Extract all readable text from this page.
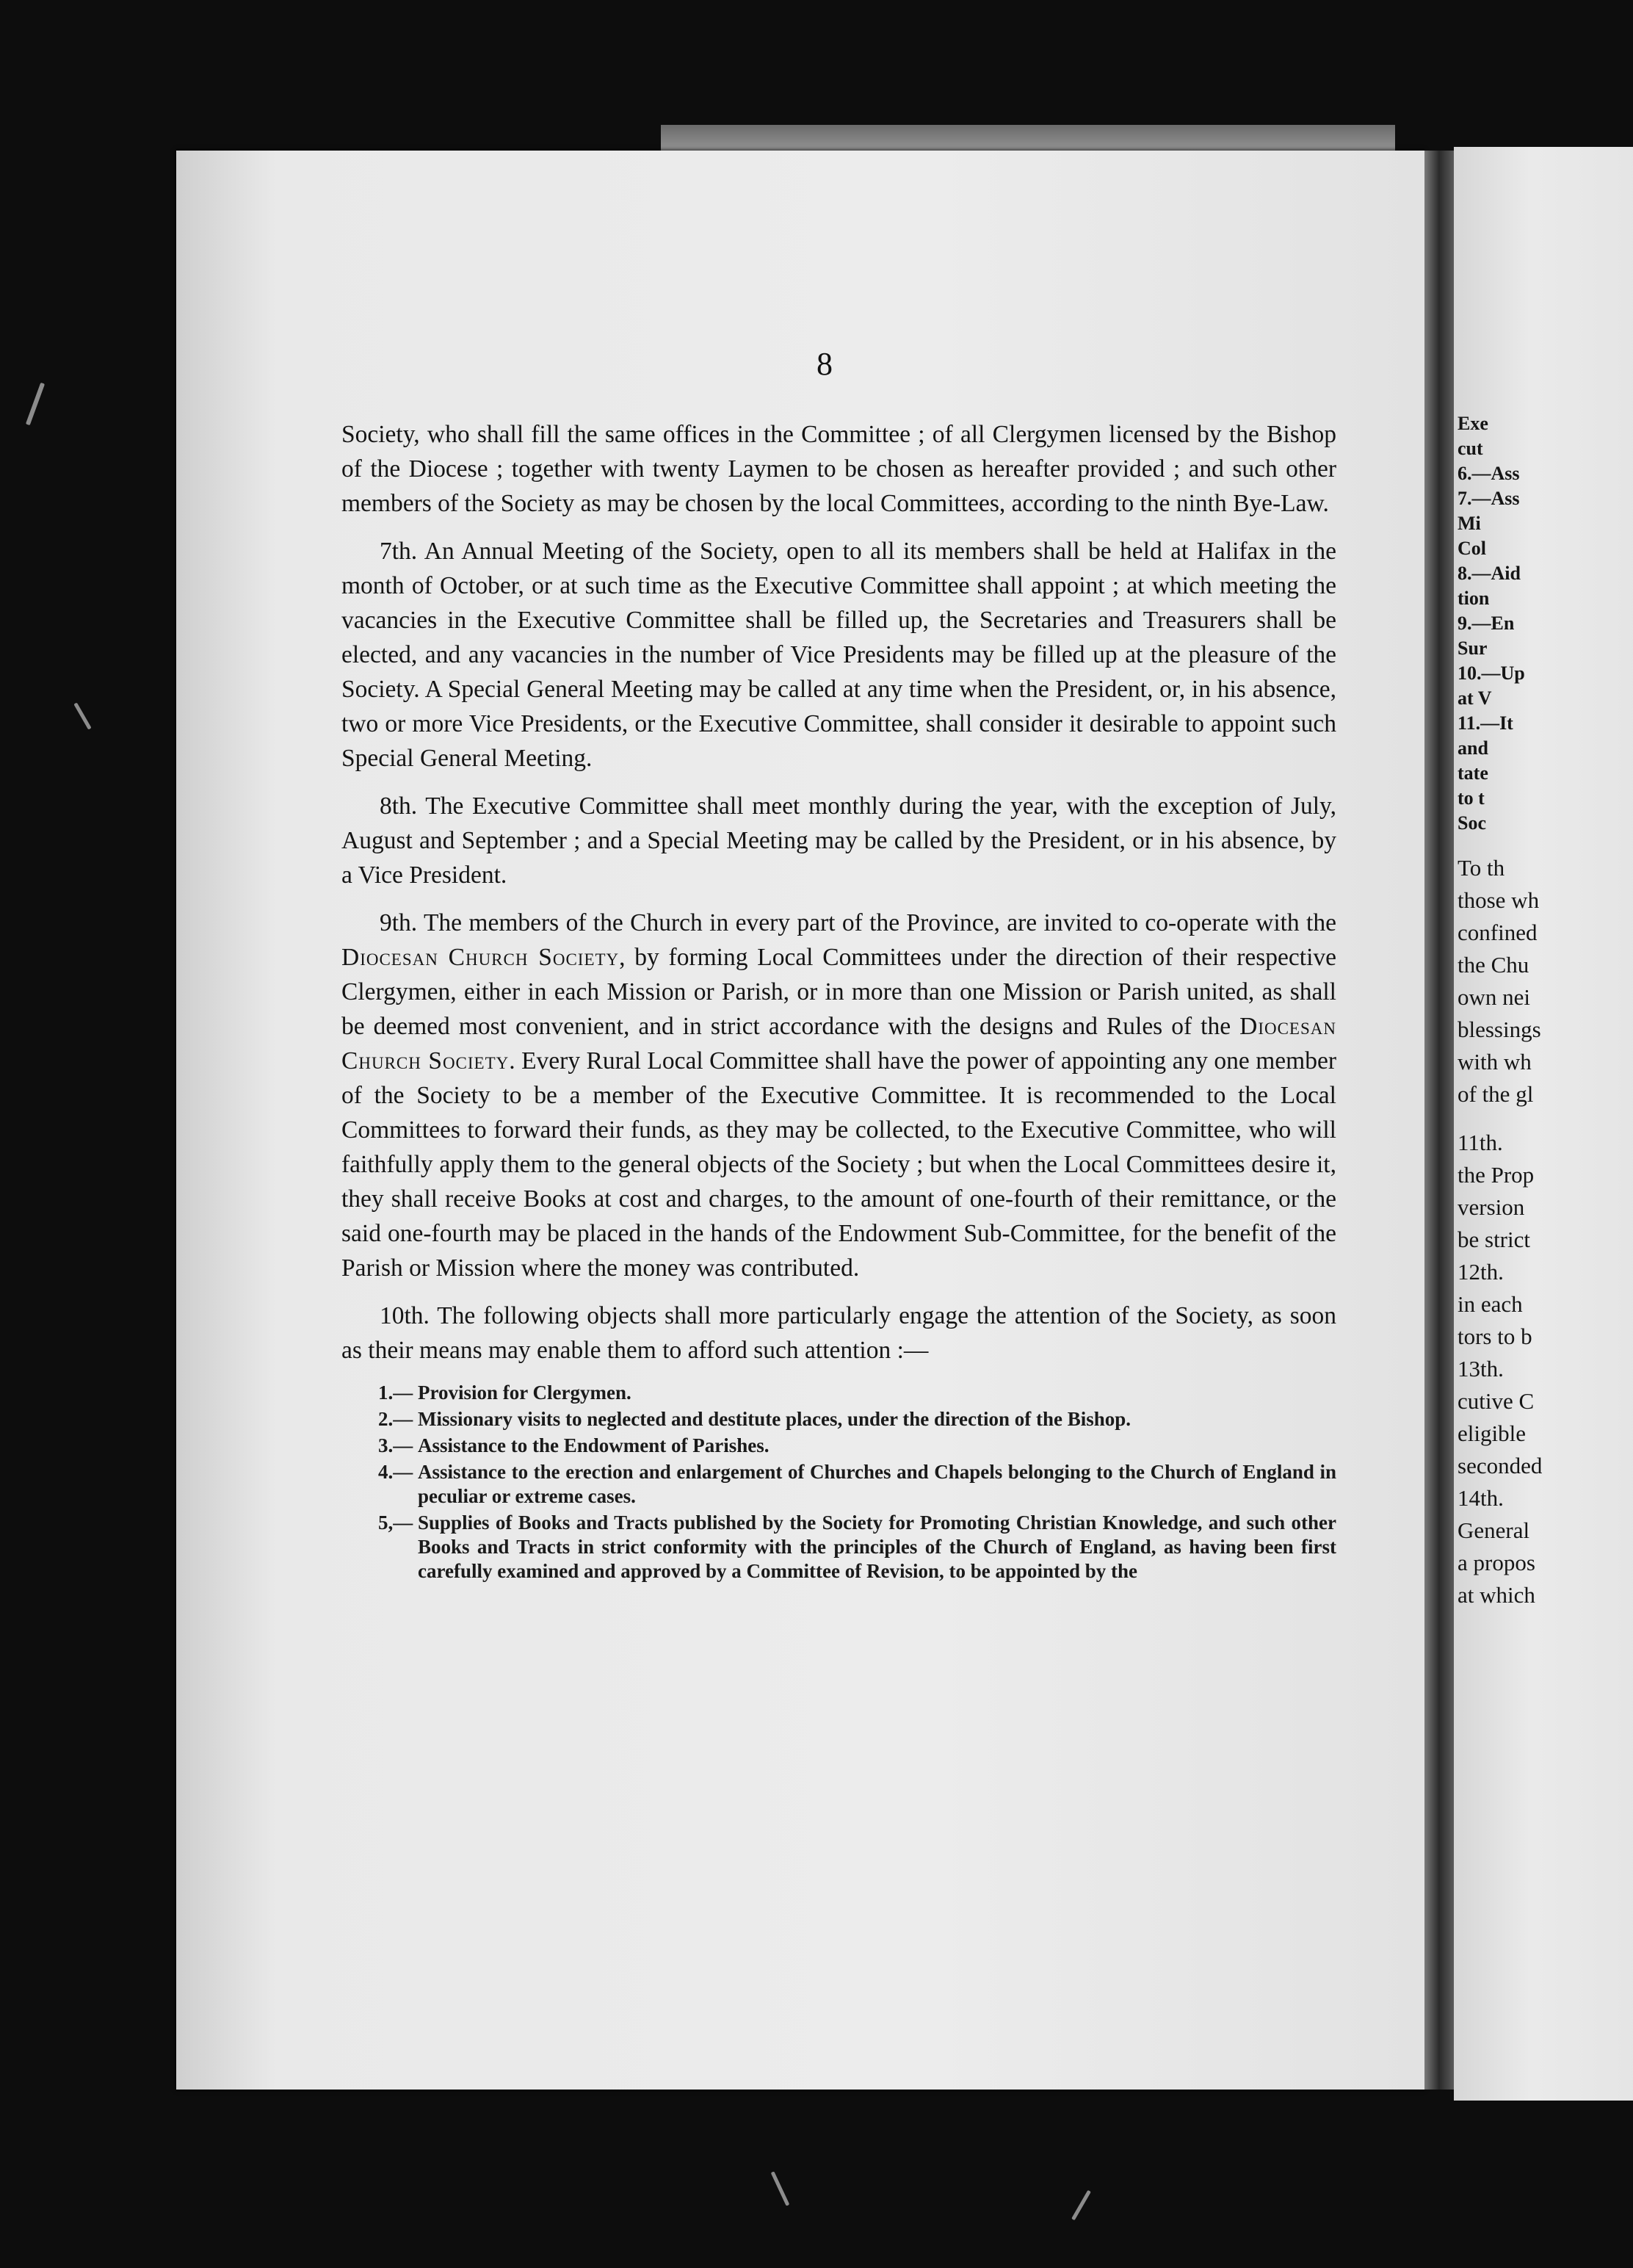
8

Society, who shall fill the same offices in the Committee ; of all Clergymen licensed by the Bishop of the Diocese ; together with twenty Laymen to be chosen as hereafter provided ; and such other members of the Society as may be chosen by the local Committees, according to the ninth Bye-Law.

7th. An Annual Meeting of the Society, open to all its members shall be held at Halifax in the month of October, or at such time as the Executive Committee shall appoint ; at which meeting the vacancies in the Executive Committee shall be filled up, the Secretaries and Treasurers shall be elected, and any vacancies in the number of Vice Presidents may be filled up at the pleasure of the Society. A Special General Meeting may be called at any time when the President, or, in his absence, two or more Vice Presidents, or the Executive Committee, shall consider it desirable to appoint such Special General Meeting.

8th. The Executive Committee shall meet monthly during the year, with the exception of July, August and September ; and a Special Meeting may be called by the President, or in his absence, by a Vice President.

9th. The members of the Church in every part of the Province, are invited to co-operate with the Diocesan Church Society, by forming Local Committees under the direction of their respective Clergymen, either in each Mission or Parish, or in more than one Mission or Parish united, as shall be deemed most convenient, and in strict accordance with the designs and Rules of the Diocesan Church Society. Every Rural Local Committee shall have the power of appointing any one member of the Society to be a member of the Executive Committee. It is recommended to the Local Committees to forward their funds, as they may be collected, to the Executive Committee, who will faithfully apply them to the general objects of the Society ; but when the Local Committees desire it, they shall receive Books at cost and charges, to the amount of one-fourth of their remittance, or the said one-fourth may be placed in the hands of the Endowment Sub-Committee, for the benefit of the Parish or Mission where the money was contributed.

10th. The following objects shall more particularly engage the attention of the Society, as soon as their means may enable them to afford such attention :—

1.— Provision for Clergymen.
2.— Missionary visits to neglected and destitute places, under the direction of the Bishop.
3.— Assistance to the Endowment of Parishes.
4.— Assistance to the erection and enlargement of Churches and Chapels belonging to the Church of England in peculiar or extreme cases.
5,— Supplies of Books and Tracts published by the Society for Promoting Christian Knowledge, and such other Books and Tracts in strict conformity with the principles of the Church of England, as having been first carefully examined and approved by a Committee of Revision, to be appointed by the
Exe
cut
6.—Ass
7.—Ass
Mi
Col
8.—Aid
tion
9.—En
Sur
10.—Up
at V
11.—It
and
tate
to t
Soc
To th
those wh
confined
the Chu
own nei
blessings
with wh
of the gl
11th.
the Prop
version
be strict
12th.
in each
tors to b
13th.
cutive C
eligible
seconded
14th.
General
a propos
at which
